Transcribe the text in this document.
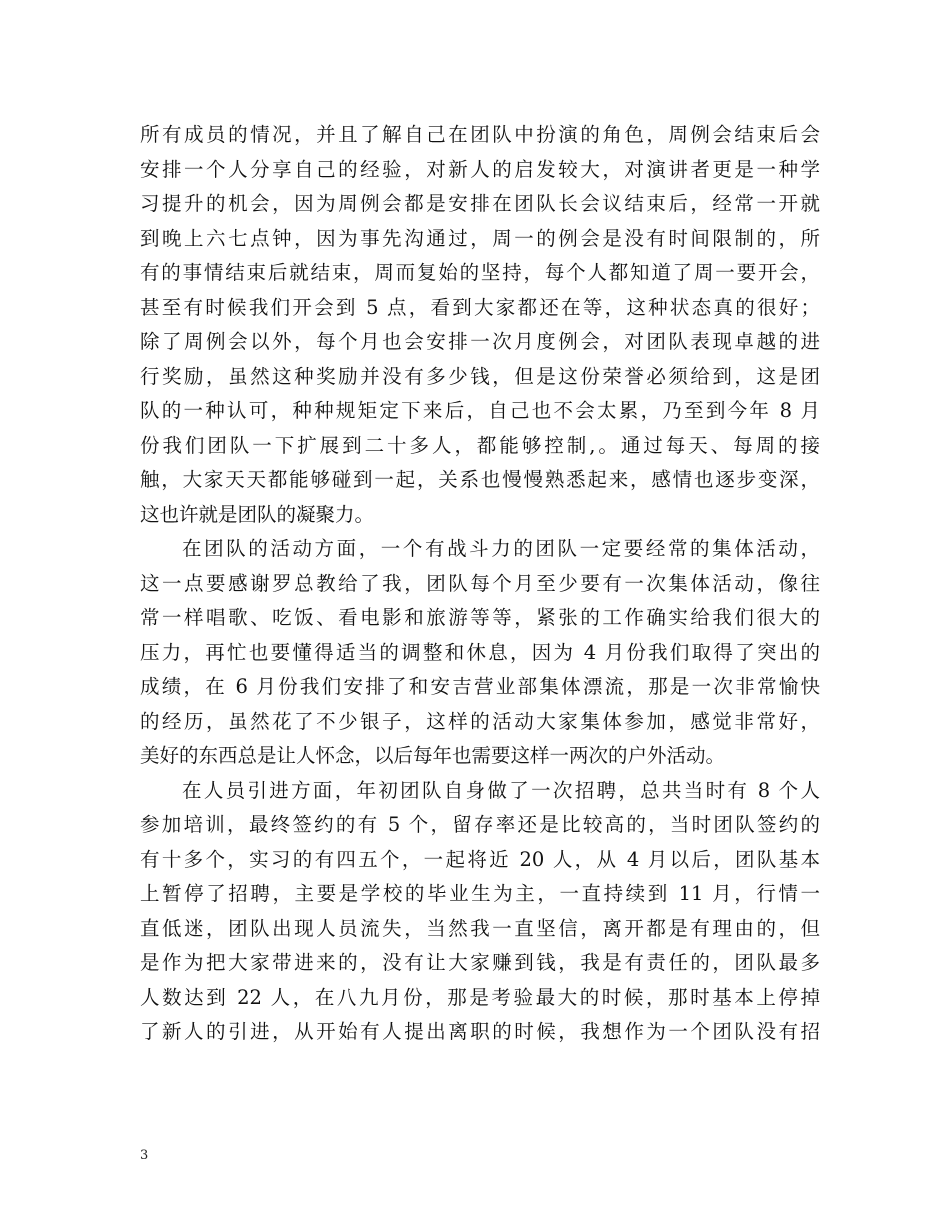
所有成员的情况，并且了解自己在团队中扮演的角色，周例会结束后会
安排一个人分享自己的经验，对新人的启发较大，对演讲者更是一种学
习提升的机会，因为周例会都是安排在团队长会议结束后，经常一开就
到晚上六七点钟，因为事先沟通过，周一的例会是没有时间限制的，所
有的事情结束后就结束，周而复始的坚持，每个人都知道了周一要开会，
甚至有时候我们开会到 5 点，看到大家都还在等，这种状态真的很好；
除了周例会以外，每个月也会安排一次月度例会，对团队表现卓越的进
行奖励，虽然这种奖励并没有多少钱，但是这份荣誉必须给到，这是团
队的一种认可，种种规矩定下来后，自己也不会太累，乃至到今年 8 月
份我们团队一下扩展到二十多人，都能够控制,。通过每天、每周的接
触，大家天天都能够碰到一起，关系也慢慢熟悉起来，感情也逐步变深，
这也许就是团队的凝聚力。
在团队的活动方面，一个有战斗力的团队一定要经常的集体活动，
这一点要感谢罗总教给了我，团队每个月至少要有一次集体活动，像往
常一样唱歌、吃饭、看电影和旅游等等，紧张的工作确实给我们很大的
压力，再忙也要懂得适当的调整和休息，因为 4 月份我们取得了突出的
成绩，在 6 月份我们安排了和安吉营业部集体漂流，那是一次非常愉快
的经历，虽然花了不少银子，这样的活动大家集体参加，感觉非常好，
美好的东西总是让人怀念，以后每年也需要这样一两次的户外活动。
在人员引进方面，年初团队自身做了一次招聘，总共当时有 8 个人
参加培训，最终签约的有 5 个，留存率还是比较高的，当时团队签约的
有十多个，实习的有四五个，一起将近 20 人，从 4 月以后，团队基本
上暂停了招聘，主要是学校的毕业生为主，一直持续到 11 月，行情一
直低迷，团队出现人员流失，当然我一直坚信，离开都是有理由的，但
是作为把大家带进来的，没有让大家赚到钱，我是有责任的，团队最多
人数达到 22 人，在八九月份，那是考验最大的时候，那时基本上停掉
了新人的引进，从开始有人提出离职的时候，我想作为一个团队没有招
3
